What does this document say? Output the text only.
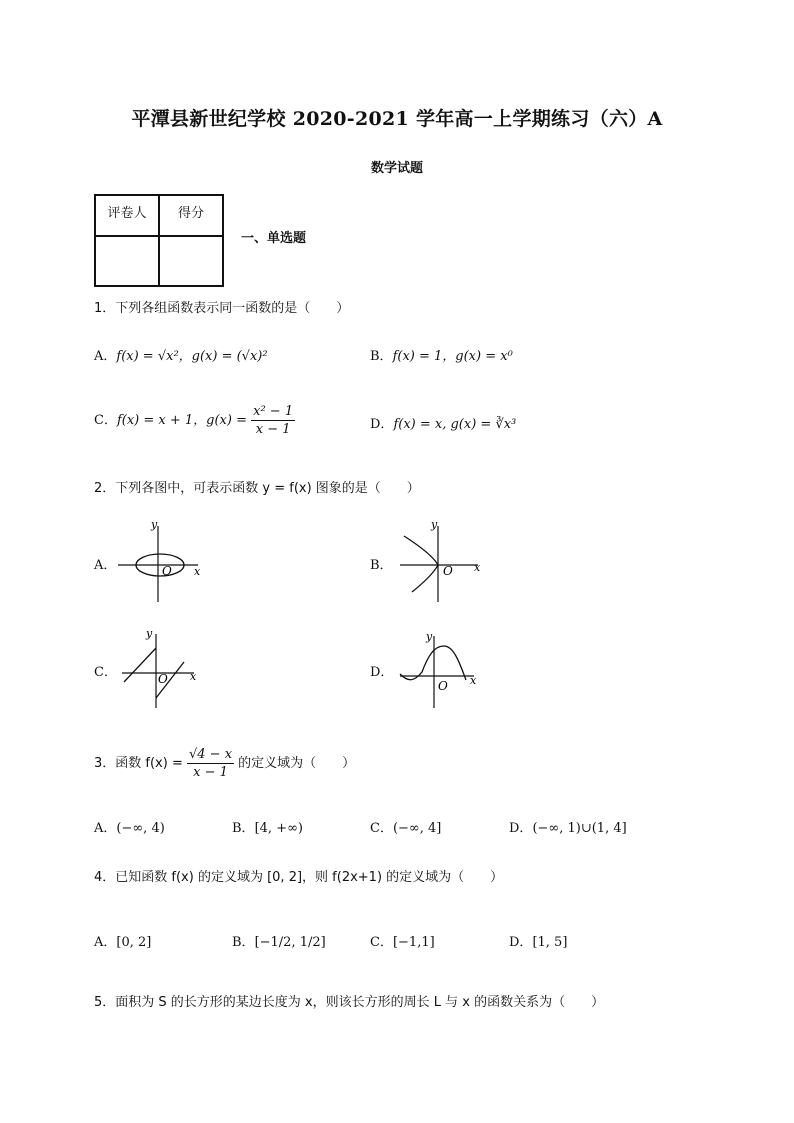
平潭县新世纪学校 2020-2021 学年高一上学期练习（六）A
数学试题
评卷人	得分

一、单选题
1．下列各组函数表示同一函数的是（　　）
A．f(x) = √x²，g(x) = (√x)²	B．f(x) = 1，g(x) = x⁰
C．f(x) = x + 1，$g(x) = \frac{\text{x² − 1}}{x - 1}$	D．f(x) = x, g(x) = ∛x³
2．下列各图中，可表示函数 y = f(x) 图象的是（　　）
A．
y
x
O	B．
y
x
O
C．
y
x
O	D．
y
x
O
3．函数 $f(x) = \frac{√4 - x}{x - 1}$ 的定义域为（　　）
A．(−∞, 4)	B．[4, +∞)	C．(−∞, 4]	D．(−∞, 1)∪(1, 4]
4．已知函数 f(x) 的定义域为 [0, 2]，则 f(2x+1) 的定义域为（　　）
A．[0, 2]	B．[−1/2, 1/2]	C．[−1,1]	D．[1, 5]
5．面积为 S 的长方形的某边长度为 x，则该长方形的周长 L 与 x 的函数关系为（　　）
